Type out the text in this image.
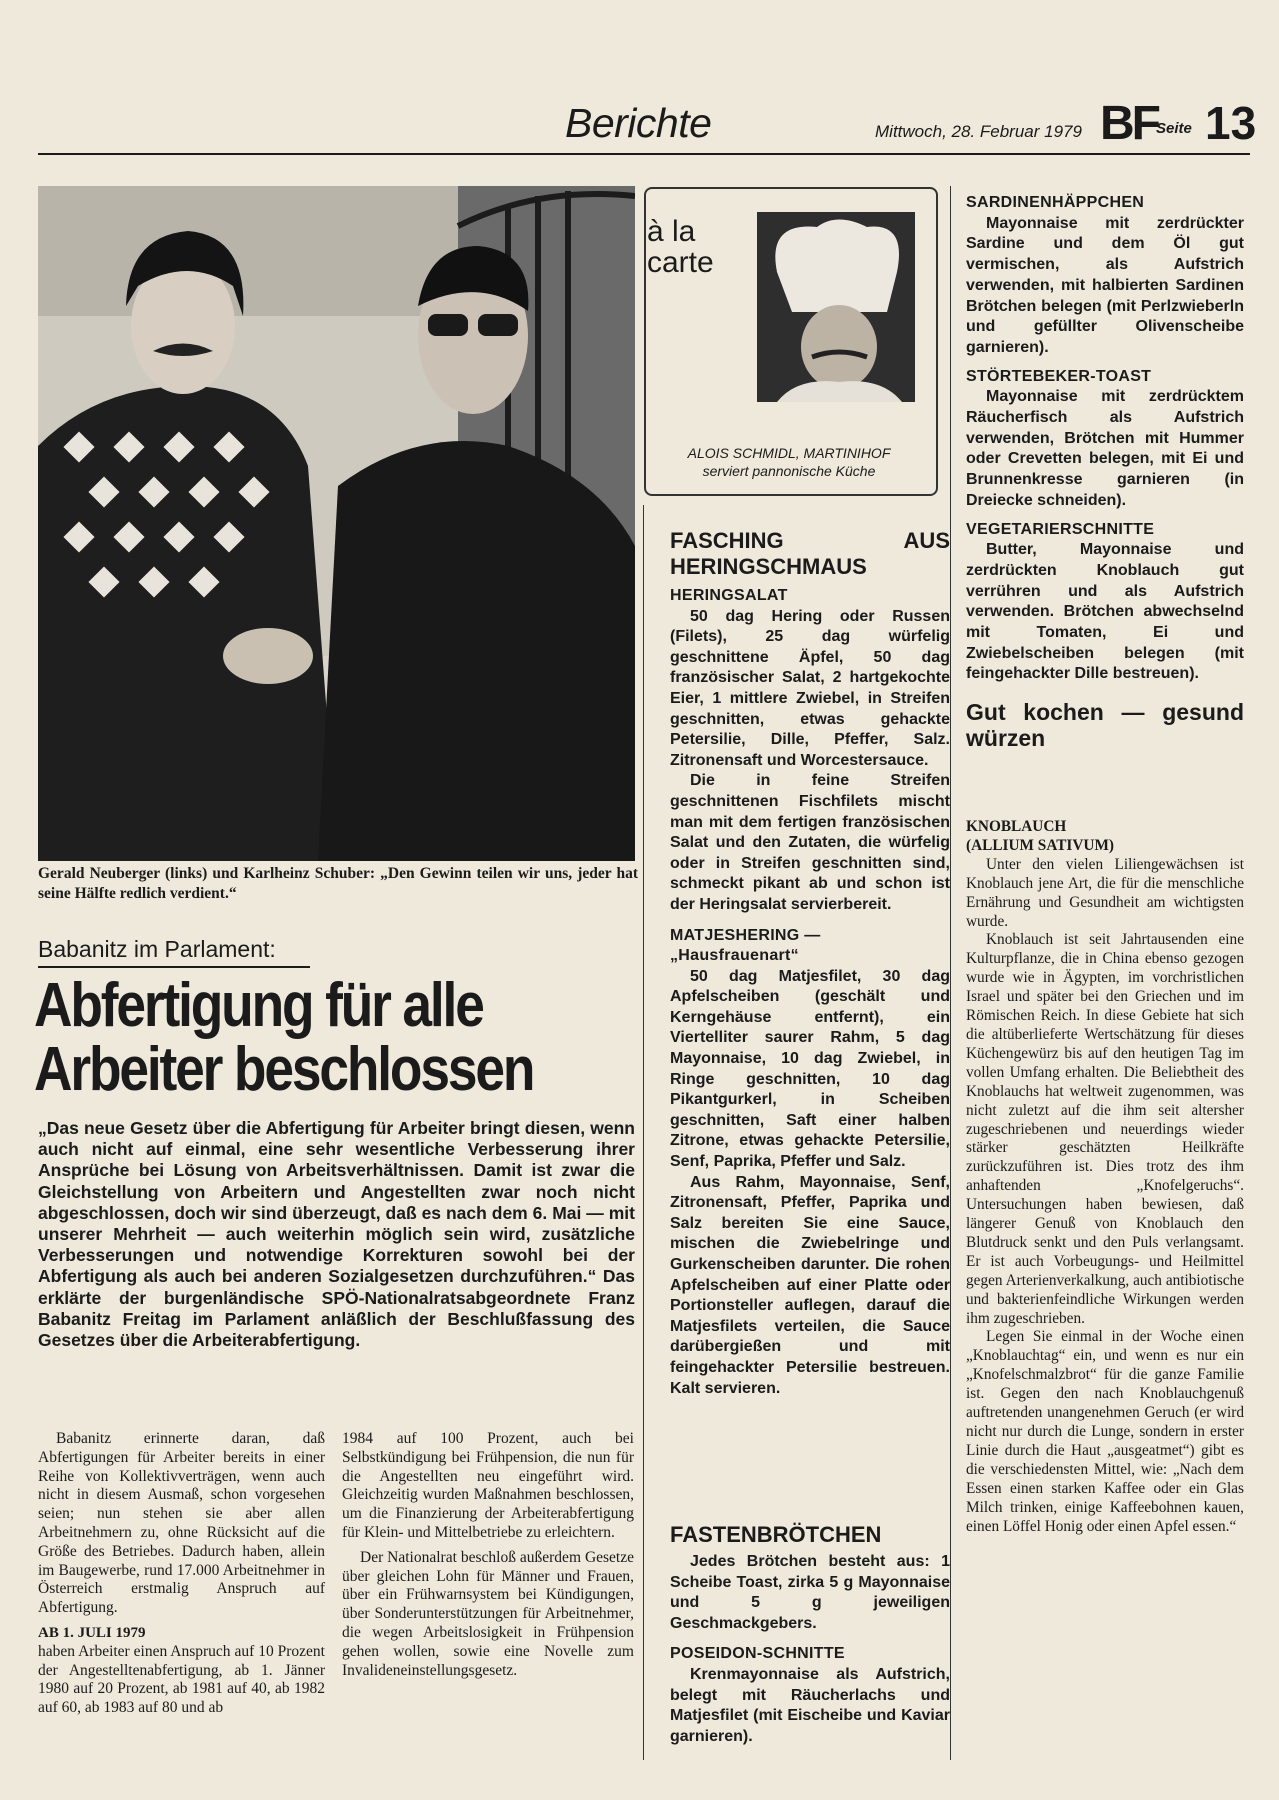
Berichte	Mittwoch, 28. Februar 1979 BF
Seite 13
Gerald Neuberger (links) und Karlheinz Schuber: „Den Gewinn teilen wir uns, jeder hat seine Hälfte redlich verdient.“
Babanitz im Parlament:
Abfertigung für alle
Arbeiter beschlossen
„Das neue Gesetz über die Abfertigung für Arbeiter bringt diesen, wenn auch nicht auf einmal, eine sehr wesentliche Verbesserung ihrer Ansprüche bei Lösung von Arbeitsverhältnissen. Damit ist zwar die Gleichstellung von Arbeitern und Angestellten zwar noch nicht abgeschlossen, doch wir sind überzeugt, daß es nach dem 6. Mai — mit unserer Mehrheit — auch weiterhin möglich sein wird, zusätzliche Verbesserungen und notwendige Korrekturen sowohl bei der Abfertigung als auch bei anderen Sozialgesetzen durchzuführen.“ Das erklärte der burgenländische SPÖ-Nationalratsabgeordnete Franz Babanitz Freitag im Parlament anläßlich der Beschlußfassung des Gesetzes über die Arbeiterabfertigung.

Babanitz erinnerte daran, daß Abfertigungen für Arbeiter bereits in einer Reihe von Kollektivverträgen, wenn auch nicht in diesem Ausmaß, schon vorgesehen seien; nun stehen sie aber allen Arbeitnehmern zu, ohne Rücksicht auf die Größe des Betriebes. Dadurch haben, allein im Baugewerbe, rund 17.000 Arbeitnehmer in Österreich erstmalig Anspruch auf Abfertigung.

AB 1. JULI 1979

haben Arbeiter einen Anspruch auf 10 Prozent der Angestelltenabfertigung, ab 1. Jänner 1980 auf 20 Prozent, ab 1981 auf 40, ab 1982 auf 60, ab 1983 auf 80 und ab

1984 auf 100 Prozent, auch bei Selbstkündigung bei Frühpension, die nun für die Angestellten neu eingeführt wird. Gleichzeitig wurden Maßnahmen beschlossen, um die Finanzierung der Arbeiterabfertigung für Klein- und Mittelbetriebe zu erleichtern.

Der Nationalrat beschloß außerdem Gesetze über gleichen Lohn für Männer und Frauen, über ein Frühwarnsystem bei Kündigungen, über Sonderunterstützungen für Arbeitnehmer, die wegen Arbeitslosigkeit in Frühpension gehen wollen, sowie eine Novelle zum Invalideneinstellungsgesetz.

à la
carte
ALOIS SCHMIDL, MARTINIHOF
serviert pannonische Küche
FASCHING AUS HERINGSCHMAUS
HERINGSALAT

50 dag Hering oder Russen (Filets), 25 dag würfelig geschnittene Äpfel, 50 dag französischer Salat, 2 hartgekochte Eier, 1 mittlere Zwiebel, in Streifen geschnitten, etwas gehackte Petersilie, Dille, Pfeffer, Salz. Zitronensaft und Worcestersauce.

Die in feine Streifen geschnittenen Fischfilets mischt man mit dem fertigen französischen Salat und den Zutaten, die würfelig oder in Streifen geschnitten sind, schmeckt pikant ab und schon ist der Heringsalat servierbereit.

MATJESHERING —
„Hausfrauenart“

50 dag Matjesfilet, 30 dag Apfelscheiben (geschält und Kerngehäuse entfernt), ein Viertelliter saurer Rahm, 5 dag Mayonnaise, 10 dag Zwiebel, in Ringe geschnitten, 10 dag Pikantgurkerl, in Scheiben geschnitten, Saft einer halben Zitrone, etwas gehackte Petersilie, Senf, Paprika, Pfeffer und Salz.

Aus Rahm, Mayonnaise, Senf, Zitronensaft, Pfeffer, Paprika und Salz bereiten Sie eine Sauce, mischen die Zwiebelringe und Gurkenscheiben darunter. Die rohen Apfelscheiben auf einer Platte oder Portionsteller auflegen, darauf die Matjesfilets verteilen, die Sauce darübergießen und mit feingehackter Petersilie bestreuen. Kalt servieren.

FASTENBRÖTCHEN

Jedes Brötchen besteht aus: 1 Scheibe Toast, zirka 5 g Mayonnaise und 5 g jeweiligen Geschmackgebers.

POSEIDON-SCHNITTE

Krenmayonnaise als Aufstrich, belegt mit Räucherlachs und Matjesfilet (mit Eischeibe und Kaviar garnieren).

SARDINENHÄPPCHEN

Mayonnaise mit zerdrückter Sardine und dem Öl gut vermischen, als Aufstrich verwenden, mit halbierten Sardinen Brötchen belegen (mit Perlzwieberln und gefüllter Olivenscheibe garnieren).

STÖRTEBEKER-TOAST

Mayonnaise mit zerdrücktem Räucherfisch als Aufstrich verwenden, Brötchen mit Hummer oder Crevetten belegen, mit Ei und Brunnenkresse garnieren (in Dreiecke schneiden).

VEGETARIERSCHNITTE

Butter, Mayonnaise und zerdrückten Knoblauch gut verrühren und als Aufstrich verwenden. Brötchen abwechselnd mit Tomaten, Ei und Zwiebelscheiben belegen (mit feingehackter Dille bestreuen).

Gut kochen — gesund würzen
KNOBLAUCH
(ALLIUM SATIVUM)

Unter den vielen Liliengewächsen ist Knoblauch jene Art, die für die menschliche Ernährung und Gesundheit am wichtigsten wurde.

Knoblauch ist seit Jahrtausenden eine Kulturpflanze, die in China ebenso gezogen wurde wie in Ägypten, im vorchristlichen Israel und später bei den Griechen und im Römischen Reich. In diese Gebiete hat sich die altüberlieferte Wertschätzung für dieses Küchengewürz bis auf den heutigen Tag im vollen Umfang erhalten. Die Beliebtheit des Knoblauchs hat weltweit zugenommen, was nicht zuletzt auf die ihm seit altersher zugeschriebenen und neuerdings wieder stärker geschätzten Heilkräfte zurückzuführen ist. Dies trotz des ihm anhaftenden „Knofelgeruchs“. Untersuchungen haben bewiesen, daß längerer Genuß von Knoblauch den Blutdruck senkt und den Puls verlangsamt. Er ist auch Vorbeugungs- und Heilmittel gegen Arterienverkalkung, auch antibiotische und bakterienfeindliche Wirkungen werden ihm zugeschrieben.

Legen Sie einmal in der Woche einen „Knoblauchtag“ ein, und wenn es nur ein „Knofelschmalzbrot“ für die ganze Familie ist. Gegen den nach Knoblauchgenuß auftretenden unangenehmen Geruch (er wird nicht nur durch die Lunge, sondern in erster Linie durch die Haut „ausgeatmet“) gibt es die verschiedensten Mittel, wie: „Nach dem Essen einen starken Kaffee oder ein Glas Milch trinken, einige Kaffeebohnen kauen, einen Löffel Honig oder einen Apfel essen.“
